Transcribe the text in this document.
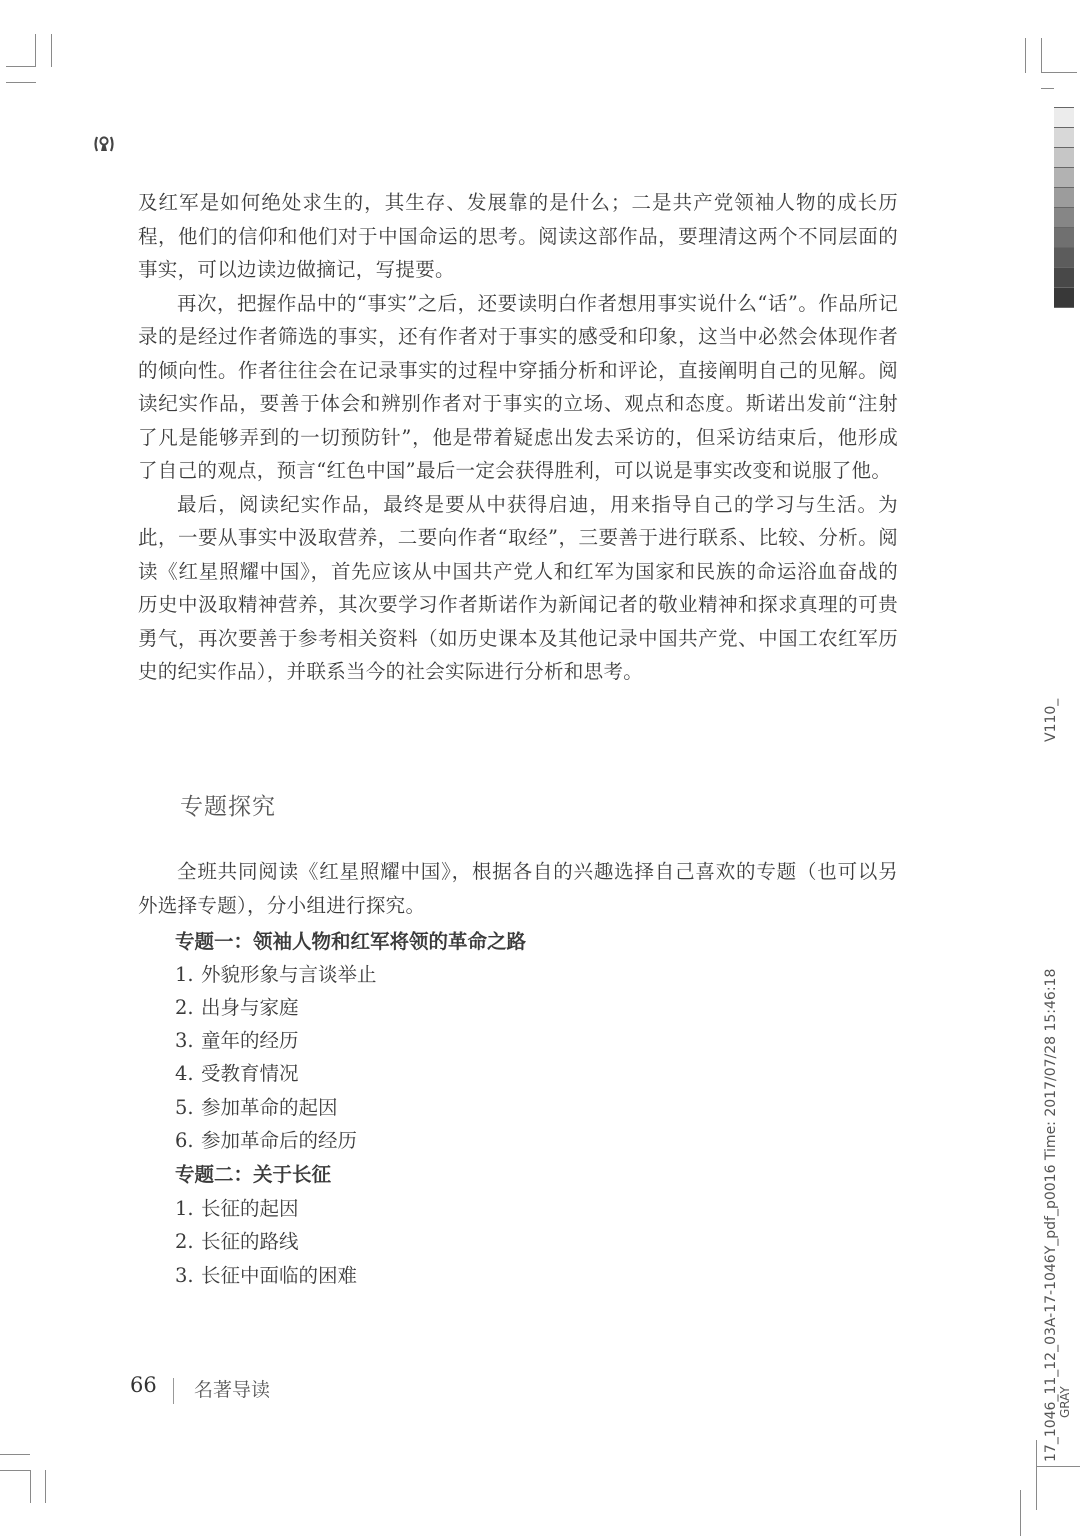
及红军是如何绝处求生的，其生存、发展靠的是什么；二是共产党领袖人物的成长历程，他们的信仰和他们对于中国命运的思考。阅读这部作品，要理清这两个不同层面的事实，可以边读边做摘记，写提要。

再次，把握作品中的“事实”之后，还要读明白作者想用事实说什么“话”。作品所记录的是经过作者筛选的事实，还有作者对于事实的感受和印象，这当中必然会体现作者的倾向性。作者往往会在记录事实的过程中穿插分析和评论，直接阐明自己的见解。阅读纪实作品，要善于体会和辨别作者对于事实的立场、观点和态度。斯诺出发前“注射了凡是能够弄到的一切预防针”，他是带着疑虑出发去采访的，但采访结束后，他形成了自己的观点，预言“红色中国”最后一定会获得胜利，可以说是事实改变和说服了他。

最后，阅读纪实作品，最终是要从中获得启迪，用来指导自己的学习与生活。为此，一要从事实中汲取营养，二要向作者“取经”，三要善于进行联系、比较、分析。阅读《红星照耀中国》，首先应该从中国共产党人和红军为国家和民族的命运浴血奋战的历史中汲取精神营养，其次要学习作者斯诺作为新闻记者的敬业精神和探求真理的可贵勇气，再次要善于参考相关资料（如历史课本及其他记录中国共产党、中国工农红军历史的纪实作品），并联系当今的社会实际进行分析和思考。

专题探究

全班共同阅读《红星照耀中国》，根据各自的兴趣选择自己喜欢的专题（也可以另外选择专题），分小组进行探究。

专题一：领袖人物和红军将领的革命之路
1. 外貌形象与言谈举止
2. 出身与家庭
3. 童年的经历
4. 受教育情况
5. 参加革命的起因
6. 参加革命后的经历
专题二：关于长征
1. 长征的起因
2. 长征的路线
3. 长征中面临的困难
66 名著导读
V110_
17_1046_11_12_03A-17-1046Y_pdf_p0016 Time: 2017/07/28 15:46:18 GRAY
